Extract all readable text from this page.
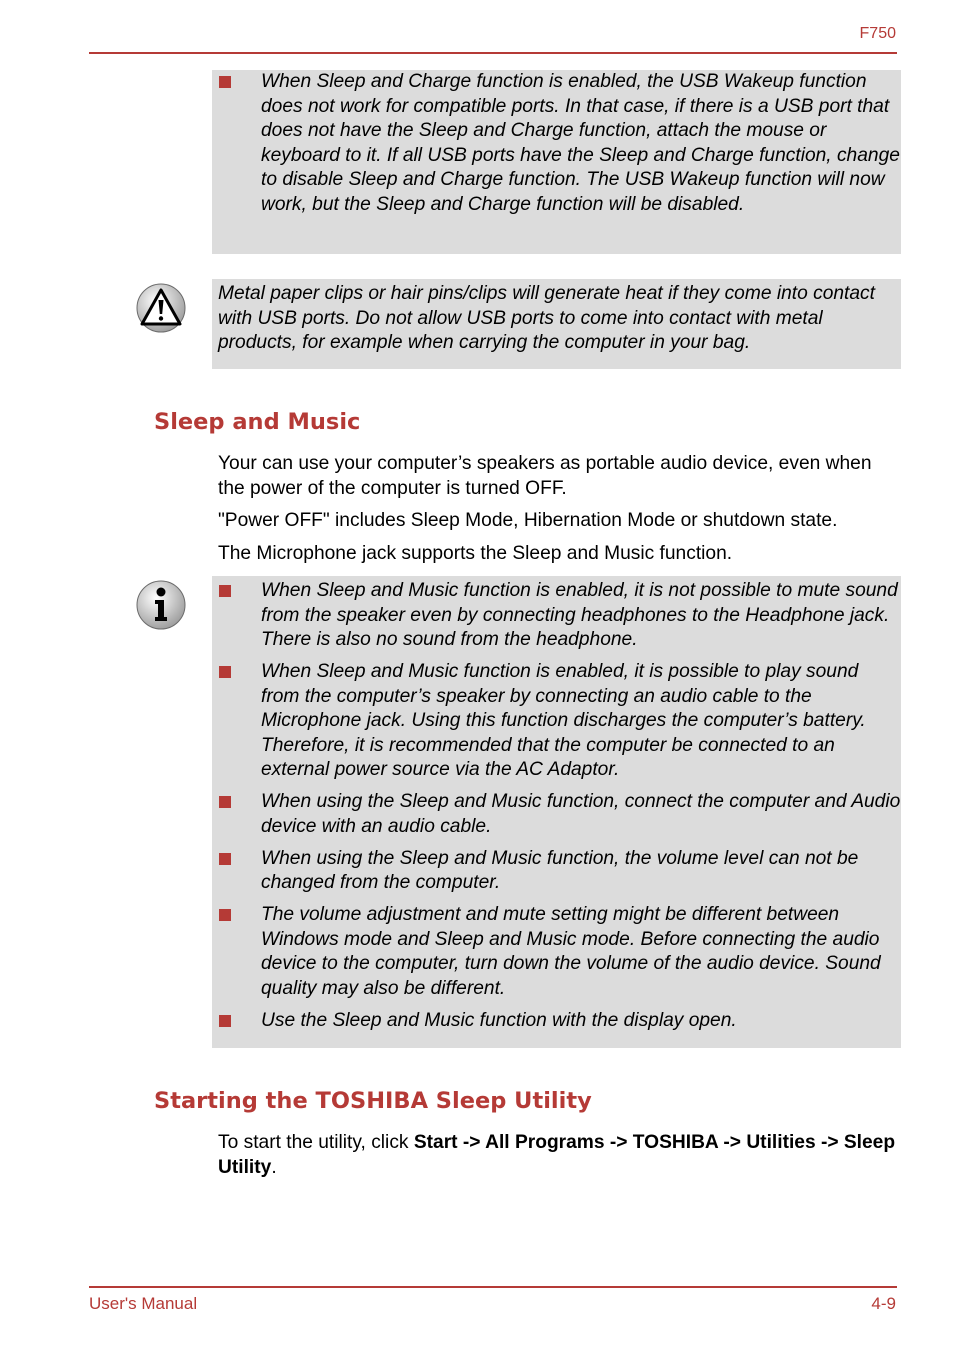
F750
When Sleep and Charge function is enabled, the USB Wakeup function does not work for compatible ports. In that case, if there is a USB port that does not have the Sleep and Charge function, attach the mouse or keyboard to it. If all USB ports have the Sleep and Charge function, change to disable Sleep and Charge function. The USB Wakeup function will now work, but the Sleep and Charge function will be disabled.
Metal paper clips or hair pins/clips will generate heat if they come into contact with USB ports. Do not allow USB ports to come into contact with metal products, for example when carrying the computer in your bag.
Sleep and Music

Your can use your computer’s speakers as portable audio device, even when the power of the computer is turned OFF.

"Power OFF" includes Sleep Mode, Hibernation Mode or shutdown state.

The Microphone jack supports the Sleep and Music function.

When Sleep and Music function is enabled, it is not possible to mute sound from the speaker even by connecting headphones to the Headphone jack. There is also no sound from the headphone.
When Sleep and Music function is enabled, it is possible to play sound from the computer’s speaker by connecting an audio cable to the Microphone jack. Using this function discharges the computer’s battery. Therefore, it is recommended that the computer be connected to an external power source via the AC Adaptor.
When using the Sleep and Music function, connect the computer and Audio device with an audio cable.
When using the Sleep and Music function, the volume level can not be changed from the computer.
The volume adjustment and mute setting might be different between Windows mode and Sleep and Music mode. Before connecting the audio device to the computer, turn down the volume of the audio device. Sound quality may also be different.
Use the Sleep and Music function with the display open.
Starting the TOSHIBA Sleep Utility

To start the utility, click Start -> All Programs -> TOSHIBA -> Utilities -> Sleep Utility.

User's Manual	4-9
